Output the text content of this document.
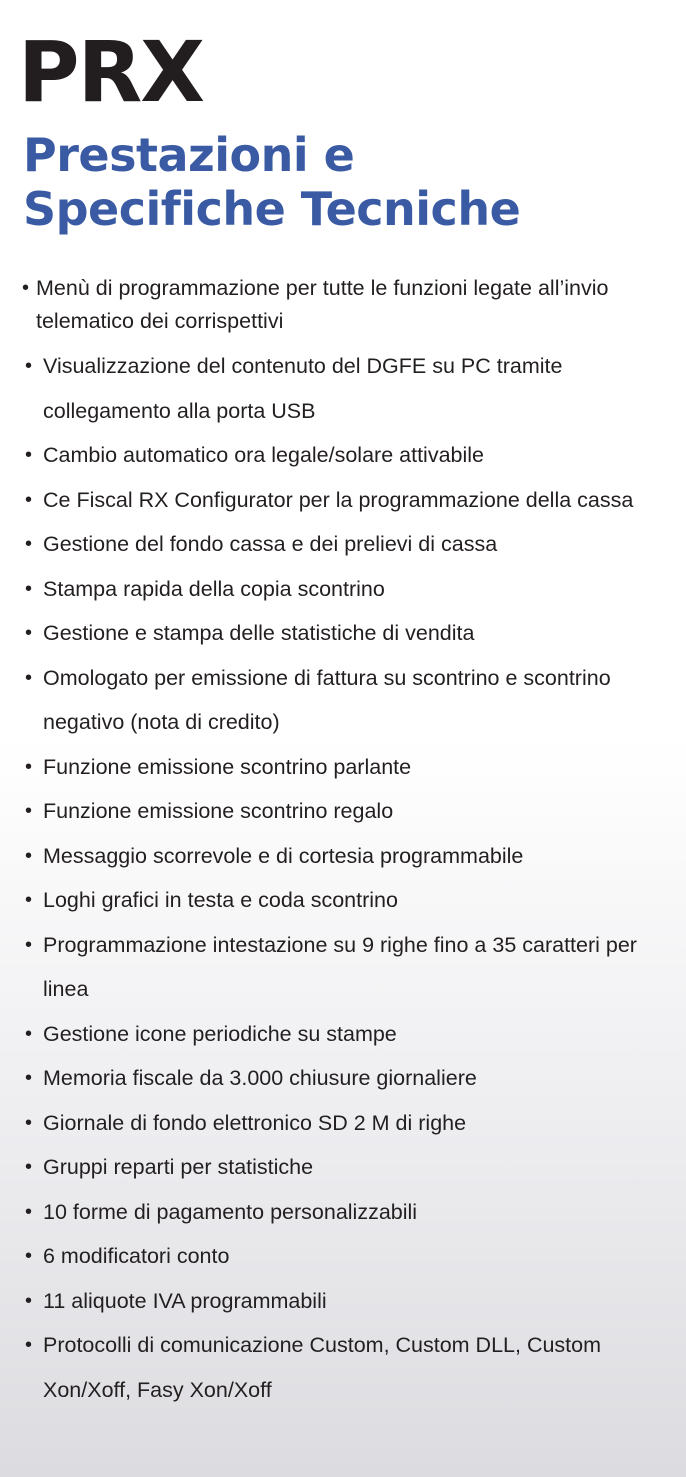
PRX
Prestazioni e
Specifiche Tecniche
• Menù di programmazione per tutte le funzioni legate all’invio telematico dei corrispettivi
• Visualizzazione del contenuto del DGFE su PC tramite collegamento alla porta USB
• Cambio automatico ora legale/solare attivabile
• Ce Fiscal RX Configurator per la programmazione della cassa
• Gestione del fondo cassa e dei prelievi di cassa
• Stampa rapida della copia scontrino
• Gestione e stampa delle statistiche di vendita
• Omologato per emissione di fattura su scontrino e scontrino negativo (nota di credito)
• Funzione emissione scontrino parlante
• Funzione emissione scontrino regalo
• Messaggio scorrevole e di cortesia programmabile
• Loghi grafici in testa e coda scontrino
• Programmazione intestazione su 9 righe fino a 35 caratteri per linea
• Gestione icone periodiche su stampe
• Memoria fiscale da 3.000 chiusure giornaliere
• Giornale di fondo elettronico SD 2 M di righe
• Gruppi reparti per statistiche
• 10 forme di pagamento personalizzabili
• 6 modificatori conto
• 11 aliquote IVA programmabili
• Protocolli di comunicazione Custom, Custom DLL, Custom Xon/Xoff, Fasy Xon/Xoff
